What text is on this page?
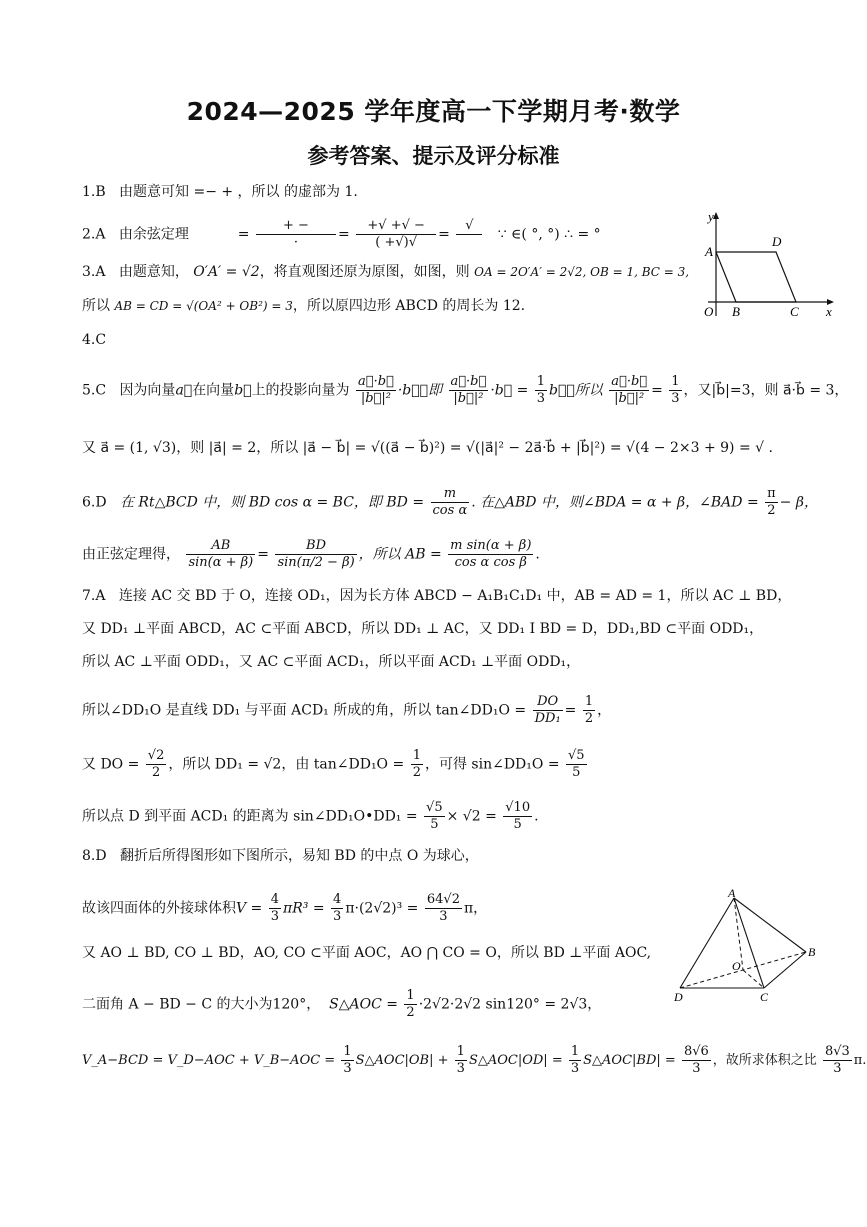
2024—2025 学年度高一下学期月考·数学
参考答案、提示及评分标准
1.B 由题意可知 =− + ，所以 的虚部为 1.
2.A 由余弦定理           = $\frac{+ -}{\cdot} = \frac{+√ +√ -}{( +√)√}$ =
√

∵ ∈( °, °) ∴ = °
3.A 由题意知， O′A′ = √2，将直观图还原为原图，如图，则 OA = 2O′A′ = 2√2, OB = 1, BC = 3,
所以 AB = CD = √(OA² + OB²) = 3，所以原四边形 ABCD 的周长为 12.
4.C
5.C 因为向量a⃗在向量b⃗上的投影向量为 $\frac{a⃗\cdot b⃗}{\text{|b⃗|²}}$ ·b⃗，即 $\frac{a⃗\cdot b⃗}{\text{|b⃗|²}}$ ·b⃗ = $\frac{1}{3}$ b⃗，所以 $\frac{a⃗\cdot b⃗}{\text{|b⃗|²}} = \frac{1}{3}$ ，又|b⃗|=3，则 a⃗·b⃗ = 3，
又 a⃗ = (1, √3)，则 |a⃗| = 2，所以 |a⃗ − b⃗| = √((a⃗ − b⃗)²) = √(|a⃗|² − 2a⃗·b⃗ + |b⃗|²) = √(4 − 2×3 + 9) = √ .
6.D 在 Rt△BCD 中，则 BD cos α = BC，即 BD = $\frac{m}{\text{cos α}}$ . 在△ABD 中，则∠BDA = α + β，∠BAD = $\frac{\pi}{2} - \beta$，
由正弦定理得， $\frac{AB}{\sin(\alpha + \beta)} = \frac{BD}{\sin(\pi/2 - \beta)}$ ，所以 AB = $\frac{\text{m sin(α + β)}}{\text{cos α cos β}}$ .
7.A 连接 AC 交 BD 于 O，连接 OD₁，因为长方体 ABCD − A₁B₁C₁D₁ 中，AB = AD = 1，所以 AC ⊥ BD，
又 DD₁ ⊥平面 ABCD，AC ⊂平面 ABCD，所以 DD₁ ⊥ AC，又 DD₁ I BD = D，DD₁,BD ⊂平面 ODD₁，
所以 AC ⊥平面 ODD₁，又 AC ⊂平面 ACD₁，所以平面 ACD₁ ⊥平面 ODD₁，
所以∠DD₁O 是直线 DD₁ 与平面 ACD₁ 所成的角，所以 tan∠DD₁O = $\frac{DO}{\text{DD₁}} = \frac{1}{2}$ ，
又 DO = $\frac{√2}{2}$ ，所以 DD₁ = √2，由 tan∠DD₁O = $\frac{1}{2}$ ，可得 sin∠DD₁O = $\frac{√5}{5}$
所以点 D 到平面 ACD₁ 的距离为 sin∠DD₁O•DD₁ = $\frac{√5}{5} \times √2 = \frac{√10}{5}$ .
8.D 翻折后所得图形如下图所示，易知 BD 的中点 O 为球心，
故该四面体的外接球体积$V = \frac{4}{3} \pi R^3 = \frac{4}{3} \pi\cdot(2√2)^3 = \frac{64√2}{3}$ π，
又 AO ⊥ BD, CO ⊥ BD，AO, CO ⊂平面 AOC，AO ⋂ CO = O，所以 BD ⊥平面 AOC,
二面角 A − BD − C 的大小为120°， S△AOC = $\frac{1}{2} \cdot 2√2\cdot 2√2$ sin120° = 2√3，
V_A−BCD = V_D−AOC + V_B−AOC = $\frac{1}{3}$ S△AOC|OB| + $\frac{1}{3}$ S△AOC|OD| = $\frac{1}{3}$ S△AOC|BD| = $\frac{8√6}{3}$ ，故所求体积之比 $\frac{8√3}{3} \pi$.
y
x
A
D
O B	C
A
B
C
D
O
